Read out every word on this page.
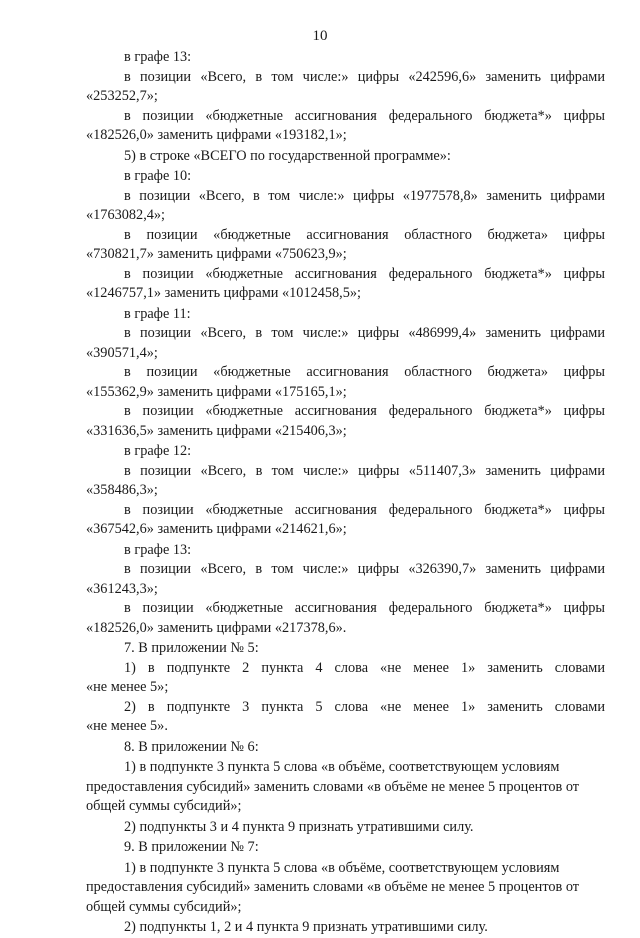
10

в графе 13:

в позиции «Всего, в том числе:» цифры «242596,6» заменить цифрами

«253252,7»;

в позиции «бюджетные ассигнования федерального бюджета*» цифры

«182526,0» заменить цифрами «193182,1»;

5) в строке «ВСЕГО по государственной программе»:

в графе 10:

в позиции «Всего, в том числе:» цифры «1977578,8» заменить цифрами

«1763082,4»;

в позиции «бюджетные ассигнования областного бюджета» цифры

«730821,7» заменить цифрами «750623,9»;

в позиции «бюджетные ассигнования федерального бюджета*» цифры

«1246757,1» заменить цифрами «1012458,5»;

в графе 11:

в позиции «Всего, в том числе:» цифры «486999,4» заменить цифрами

«390571,4»;

в позиции «бюджетные ассигнования областного бюджета» цифры

«155362,9» заменить цифрами «175165,1»;

в позиции «бюджетные ассигнования федерального бюджета*» цифры

«331636,5» заменить цифрами «215406,3»;

в графе 12:

в позиции «Всего, в том числе:» цифры «511407,3» заменить цифрами

«358486,3»;

в позиции «бюджетные ассигнования федерального бюджета*» цифры

«367542,6» заменить цифрами «214621,6»;

в графе 13:

в позиции «Всего, в том числе:» цифры «326390,7» заменить цифрами

«361243,3»;

в позиции «бюджетные ассигнования федерального бюджета*» цифры

«182526,0» заменить цифрами «217378,6».

7. В приложении № 5:

1) в подпункте 2 пункта 4 слова «не менее 1» заменить словами

«не менее 5»;

2) в подпункте 3 пункта 5 слова «не менее 1» заменить словами

«не менее 5».

8. В приложении № 6:

1) в подпункте 3 пункта 5 слова «в объёме, соответствующем условиям предоставления субсидий» заменить словами «в объёме не менее 5 процентов от общей суммы субсидий»;

2) подпункты 3 и 4 пункта 9 признать утратившими силу.

9. В приложении № 7:

1) в подпункте 3 пункта 5 слова «в объёме, соответствующем условиям предоставления субсидий» заменить словами «в объёме не менее 5 процентов от общей суммы субсидий»;

2) подпункты 1, 2 и 4 пункта 9 признать утратившими силу.
